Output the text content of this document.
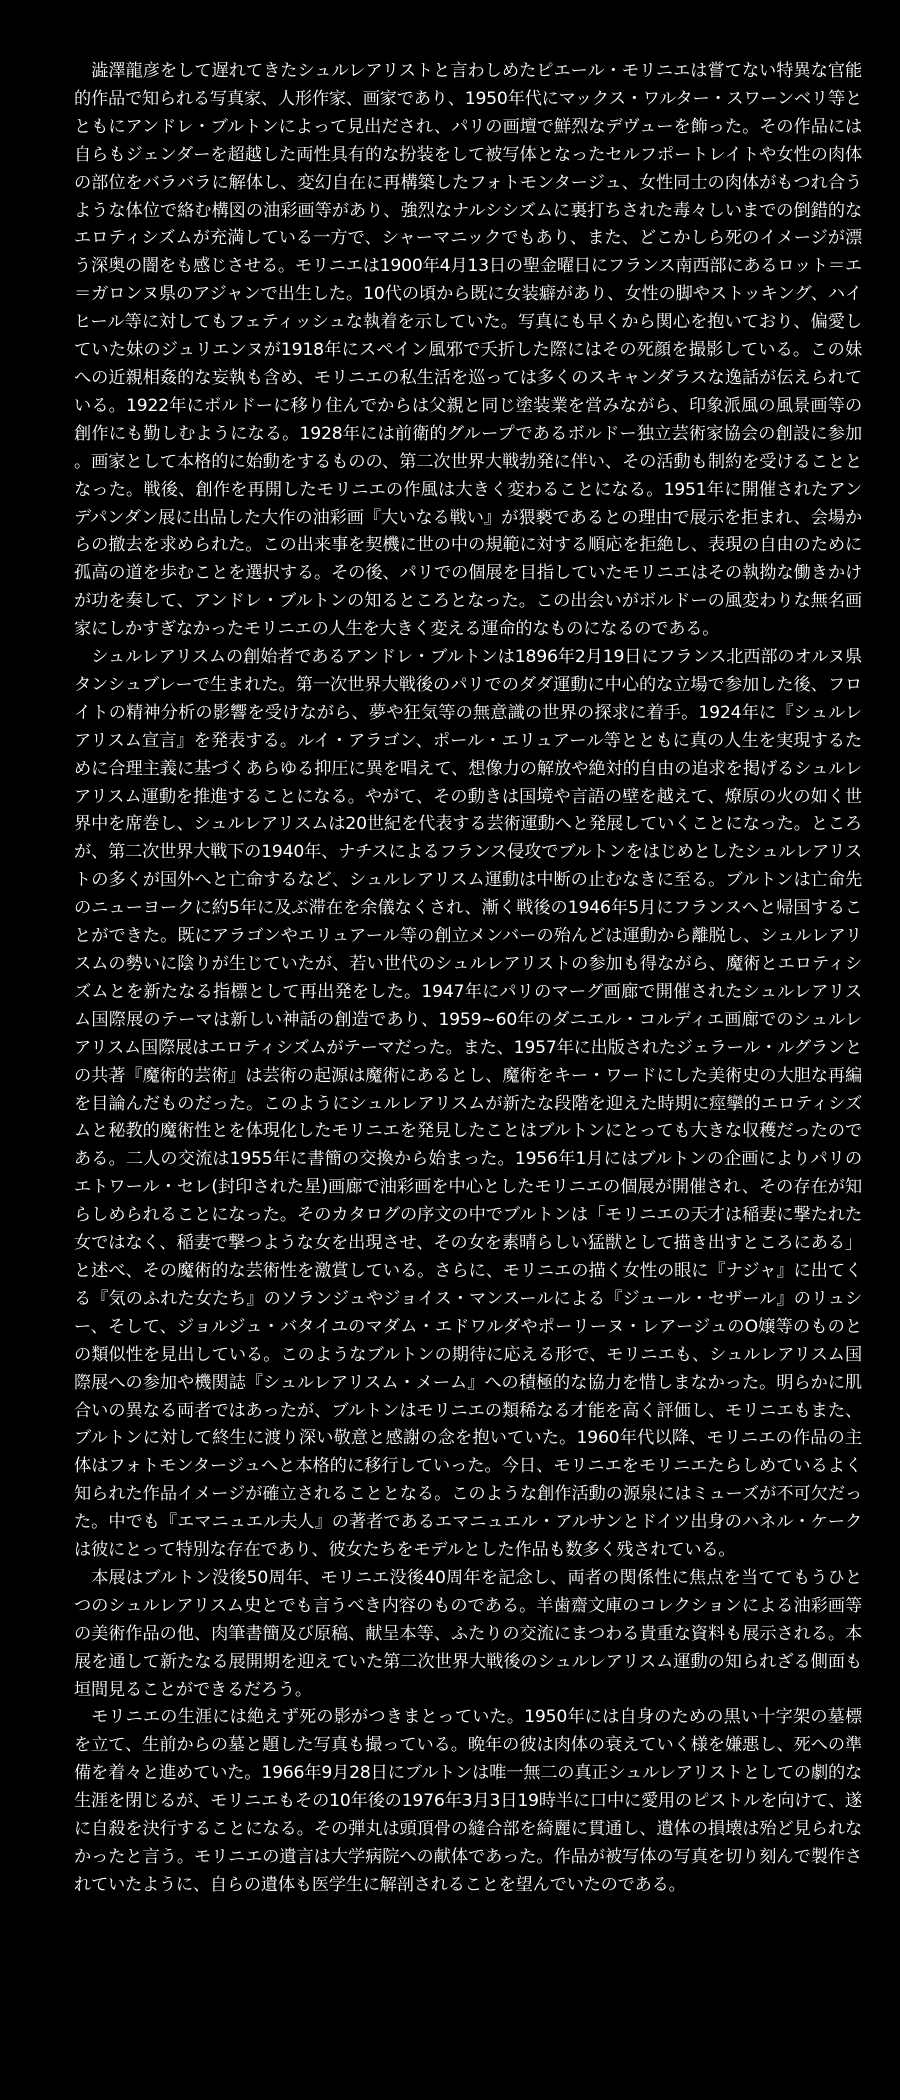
澁澤龍彦をして遅れてきたシュルレアリストと言わしめたピエール・モリニエは嘗てない特異な官能的作品で知られる写真家、人形作家、画家であり、1950年代にマックス・ワルター・スワーンベリ等とともにアンドレ・ブルトンによって見出だされ、パリの画壇で鮮烈なデヴューを飾った。その作品には自らもジェンダーを超越した両性具有的な扮装をして被写体となったセルフポートレイトや女性の肉体の部位をバラバラに解体し、変幻自在に再構築したフォトモンタージュ、女性同士の肉体がもつれ合うような体位で絡む構図の油彩画等があり、強烈なナルシシズムに裏打ちされた毒々しいまでの倒錯的なエロティシズムが充満している一方で、シャーマニックでもあり、また、どこかしら死のイメージが漂う深奥の闇をも感じさせる。モリニエは1900年4月13日の聖金曜日にフランス南西部にあるロット＝エ＝ガロンヌ県のアジャンで出生した。10代の頃から既に女装癖があり、女性の脚やストッキング、ハイヒール等に対してもフェティッシュな執着を示していた。写真にも早くから関心を抱いており、偏愛していた妹のジュリエンヌが1918年にスペイン風邪で夭折した際にはその死顔を撮影している。この妹への近親相姦的な妄執も含め、モリニエの私生活を巡っては多くのスキャンダラスな逸話が伝えられている。1922年にボルドーに移り住んでからは父親と同じ塗装業を営みながら、印象派風の風景画等の創作にも勤しむようになる。1928年には前衛的グループであるボルドー独立芸術家協会の創設に参加。画家として本格的に始動をするものの、第二次世界大戦勃発に伴い、その活動も制約を受けることとなった。戦後、創作を再開したモリニエの作風は大きく変わることになる。1951年に開催されたアンデパンダン展に出品した大作の油彩画『大いなる戦い』が猥褻であるとの理由で展示を拒まれ、会場からの撤去を求められた。この出来事を契機に世の中の規範に対する順応を拒絶し、表現の自由のために孤高の道を歩むことを選択する。その後、パリでの個展を目指していたモリニエはその執拗な働きかけが功を奏して、アンドレ・ブルトンの知るところとなった。この出会いがボルドーの風変わりな無名画家にしかすぎなかったモリニエの人生を大きく変える運命的なものになるのである。

シュルレアリスムの創始者であるアンドレ・ブルトンは1896年2月19日にフランス北西部のオルヌ県タンシュブレーで生まれた。第一次世界大戦後のパリでのダダ運動に中心的な立場で参加した後、フロイトの精神分析の影響を受けながら、夢や狂気等の無意識の世界の探求に着手。1924年に『シュルレアリスム宣言』を発表する。ルイ・アラゴン、ポール・エリュアール等とともに真の人生を実現するために合理主義に基づくあらゆる抑圧に異を唱えて、想像力の解放や絶対的自由の追求を掲げるシュルレアリスム運動を推進することになる。やがて、その動きは国境や言語の壁を越えて、燎原の火の如く世界中を席巻し、シュルレアリスムは20世紀を代表する芸術運動へと発展していくことになった。ところが、第二次世界大戦下の1940年、ナチスによるフランス侵攻でブルトンをはじめとしたシュルレアリストの多くが国外へと亡命するなど、シュルレアリスム運動は中断の止むなきに至る。ブルトンは亡命先のニューヨークに約5年に及ぶ滞在を余儀なくされ、漸く戦後の1946年5月にフランスへと帰国することができた。既にアラゴンやエリュアール等の創立メンバーの殆んどは運動から離脱し、シュルレアリスムの勢いに陰りが生じていたが、若い世代のシュルレアリストの参加も得ながら、魔術とエロティシズムとを新たなる指標として再出発をした。1947年にパリのマーグ画廊で開催されたシュルレアリスム国際展のテーマは新しい神話の創造であり、1959~60年のダニエル・コルディエ画廊でのシュルレアリスム国際展はエロティシズムがテーマだった。また、1957年に出版されたジェラール・ルグランとの共著『魔術的芸術』は芸術の起源は魔術にあるとし、魔術をキー・ワードにした美術史の大胆な再編を目論んだものだった。このようにシュルレアリスムが新たな段階を迎えた時期に痙攣的エロティシズムと秘教的魔術性とを体現化したモリニエを発見したことはブルトンにとっても大きな収穫だったのである。二人の交流は1955年に書簡の交換から始まった。1956年1月にはブルトンの企画によりパリのエトワール・セレ(封印された星)画廊で油彩画を中心としたモリニエの個展が開催され、その存在が知らしめられることになった。そのカタログの序文の中でブルトンは「モリニエの天才は稲妻に撃たれた女ではなく、稲妻で撃つような女を出現させ、その女を素晴らしい猛獣として描き出すところにある」と述べ、その魔術的な芸術性を激賞している。さらに、モリニエの描く女性の眼に『ナジャ』に出てくる『気のふれた女たち』のソランジュやジョイス・マンスールによる『ジュール・セザール』のリュシー、そして、ジョルジュ・バタイユのマダム・エドワルダやポーリーヌ・レアージュのO嬢等のものとの類似性を見出している。このようなブルトンの期待に応える形で、モリニエも、シュルレアリスム国際展への参加や機関誌『シュルレアリスム・メーム』への積極的な協力を惜しまなかった。明らかに肌合いの異なる両者ではあったが、ブルトンはモリニエの類稀なる才能を高く評価し、モリニエもまた、ブルトンに対して終生に渡り深い敬意と感謝の念を抱いていた。1960年代以降、モリニエの作品の主体はフォトモンタージュへと本格的に移行していった。今日、モリニエをモリニエたらしめているよく知られた作品イメージが確立されることとなる。このような創作活動の源泉にはミューズが不可欠だった。中でも『エマニュエル夫人』の著者であるエマニュエル・アルサンとドイツ出身のハネル・ケークは彼にとって特別な存在であり、彼女たちをモデルとした作品も数多く残されている。

本展はブルトン没後50周年、モリニエ没後40周年を記念し、両者の関係性に焦点を当ててもうひとつのシュルレアリスム史とでも言うべき内容のものである。羊歯齋文庫のコレクションによる油彩画等の美術作品の他、肉筆書簡及び原稿、献呈本等、ふたりの交流にまつわる貴重な資料も展示される。本展を通して新たなる展開期を迎えていた第二次世界大戦後のシュルレアリスム運動の知られざる側面も垣間見ることができるだろう。

モリニエの生涯には絶えず死の影がつきまとっていた。1950年には自身のための黒い十字架の墓標を立て、生前からの墓と題した写真も撮っている。晩年の彼は肉体の衰えていく様を嫌悪し、死への準備を着々と進めていた。1966年9月28日にブルトンは唯一無二の真正シュルレアリストとしての劇的な生涯を閉じるが、モリニエもその10年後の1976年3月3日19時半に口中に愛用のピストルを向けて、遂に自殺を決行することになる。その弾丸は頭頂骨の縫合部を綺麗に貫通し、遺体の損壊は殆ど見られなかったと言う。モリニエの遺言は大学病院への献体であった。作品が被写体の写真を切り刻んで製作されていたように、自らの遺体も医学生に解剖されることを望んでいたのである。
